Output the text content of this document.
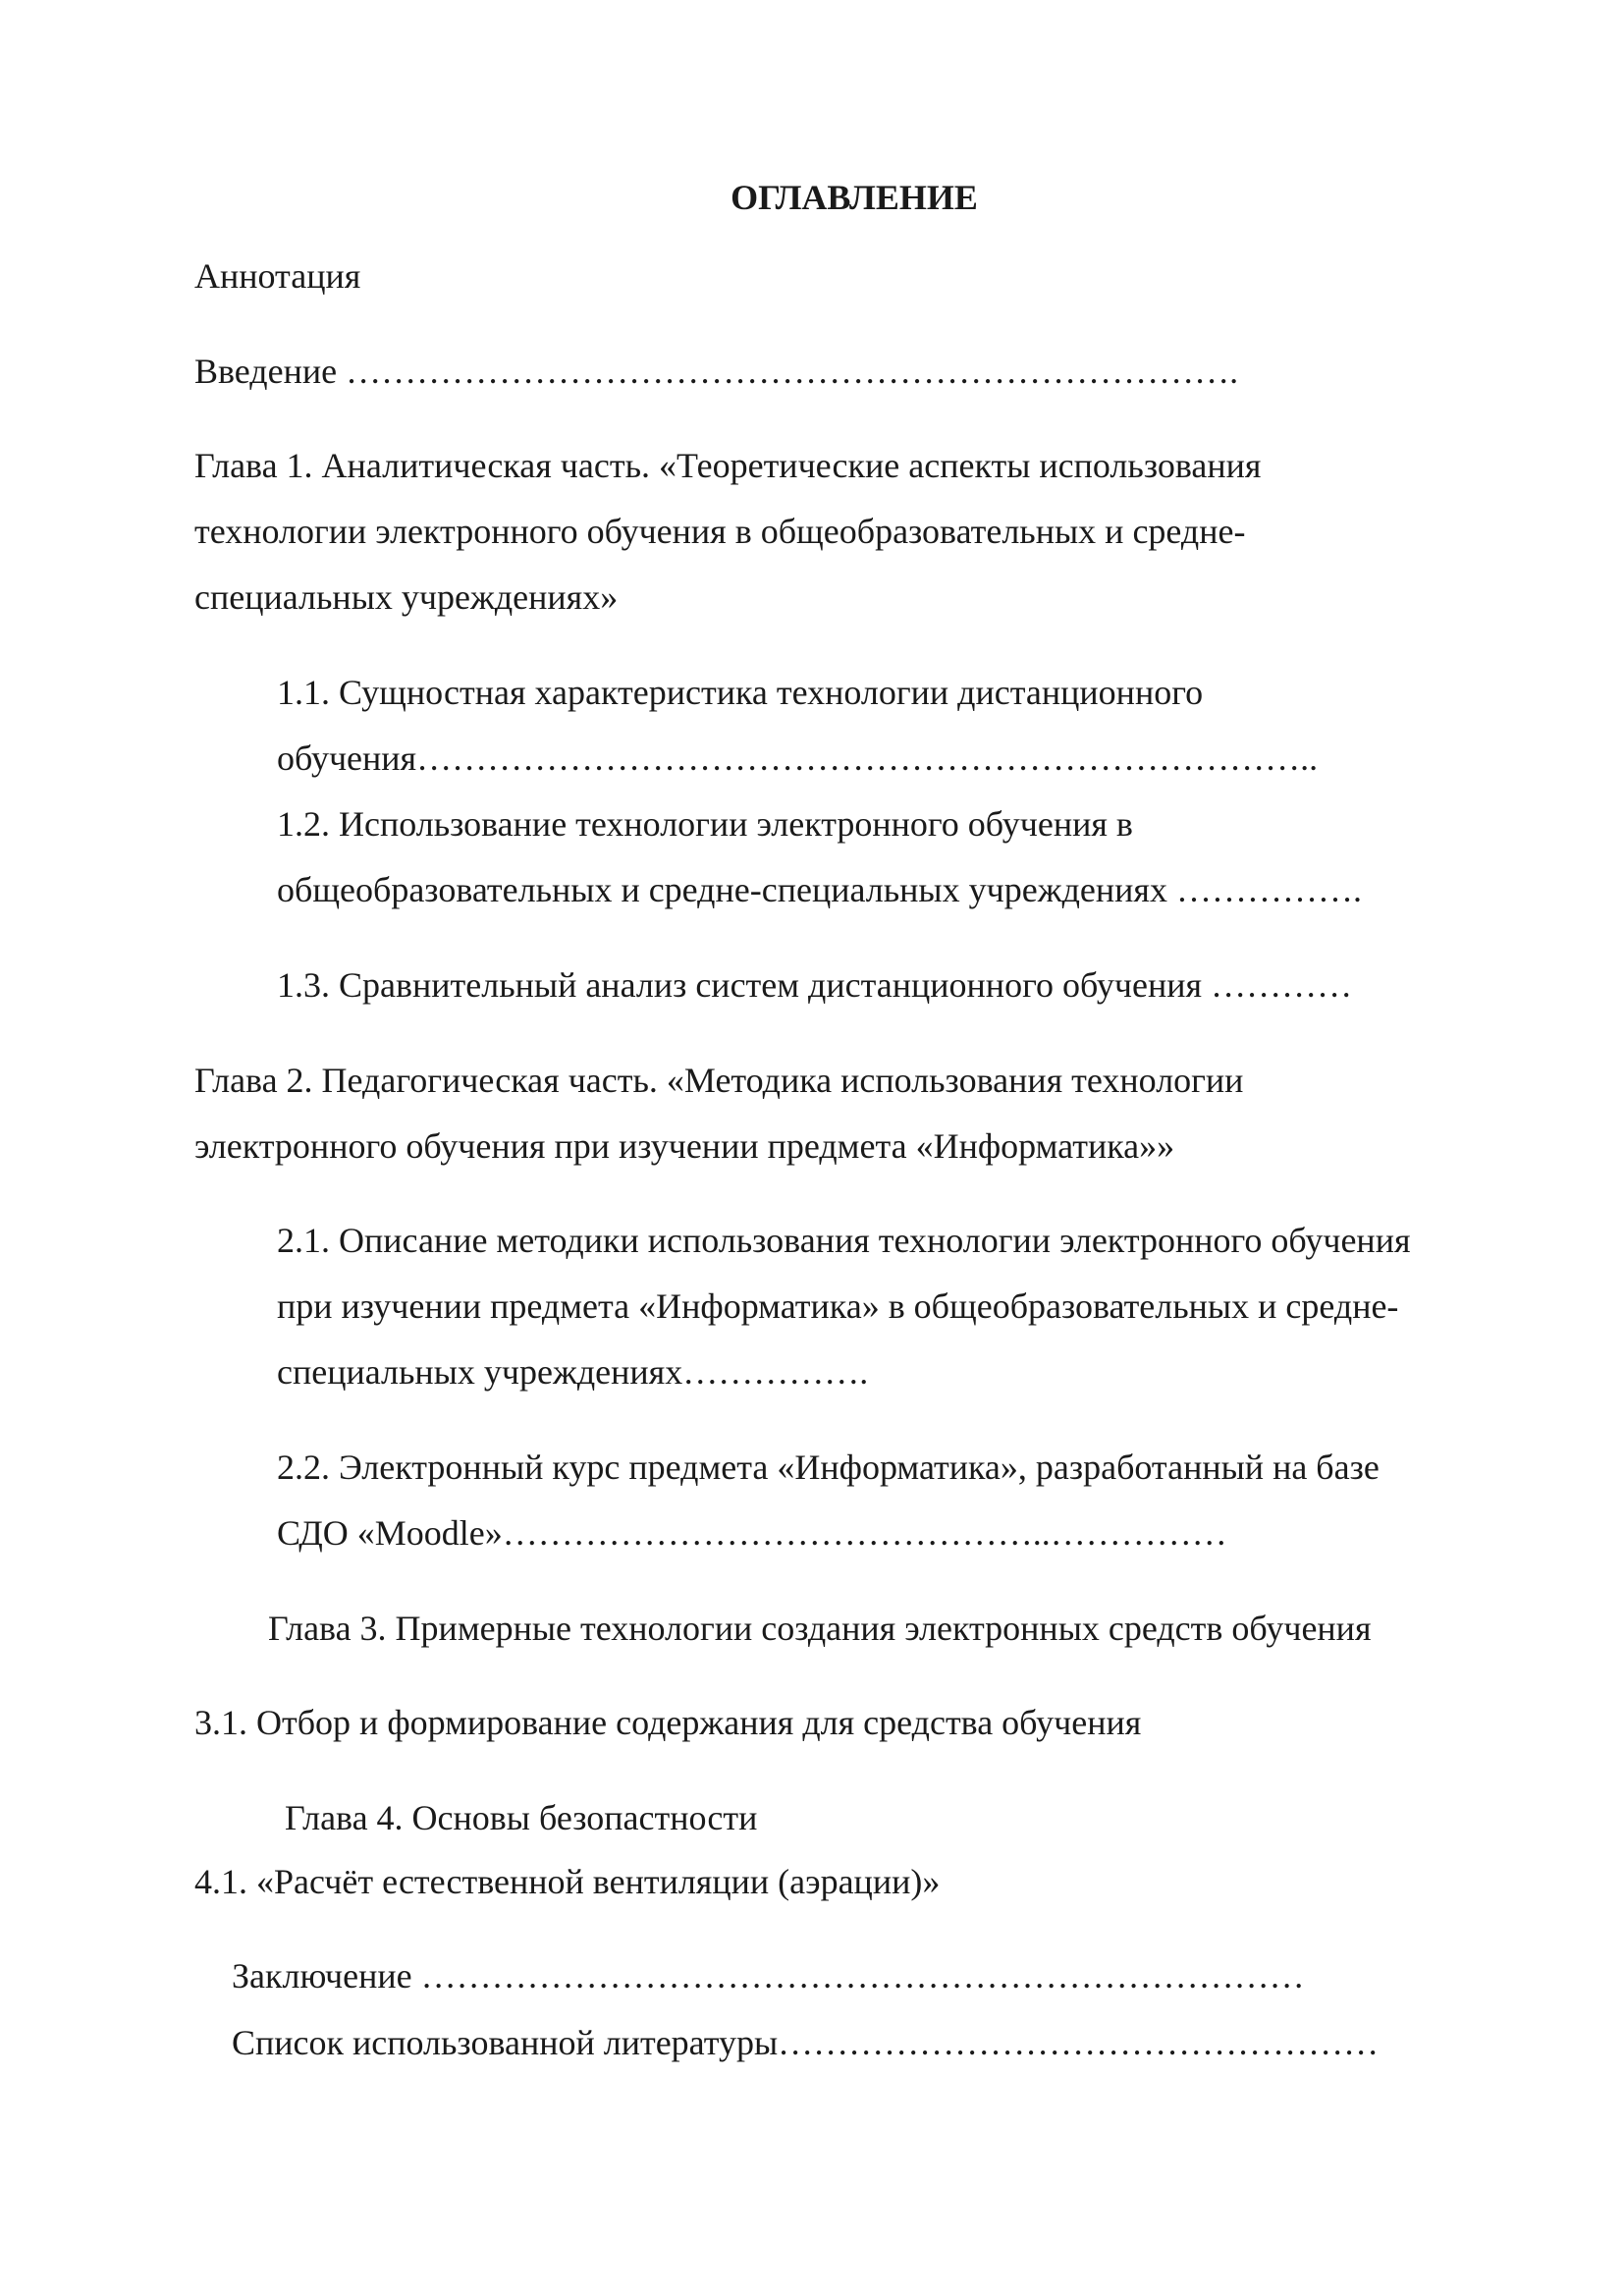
ОГЛАВЛЕНИЕ
Аннотация
Введение ………………………………………………………………….
Глава 1. Аналитическая часть. «Теоретические аспекты использования
технологии электронного обучения в общеобразовательных и средне-
специальных учреждениях»
1.1. Сущностная характеристика технологии дистанционного
обучения…………………………………………………………………..
1.2. Использование технологии электронного обучения в
общеобразовательных и средне-специальных учреждениях …………….
1.3. Сравнительный анализ систем дистанционного обучения …………
Глава 2. Педагогическая часть. «Методика использования технологии
электронного обучения при изучении предмета «Информатика»»
2.1. Описание методики использования технологии электронного обучения
при изучении предмета «Информатика» в общеобразовательных и средне-
специальных учреждениях…………….
2.2. Электронный курс предмета «Информатика», разработанный на базе
СДО «Moodle»………………………………………..……………
Глава 3. Примерные технологии создания электронных средств обучения
3.1. Отбор и формирование содержания для средства обучения
Глава 4. Основы безопастности
4.1. «Расчёт естественной вентиляции (аэрации)»
Заключение …………………………………………………………………
Список использованной литературы……………………………………………
